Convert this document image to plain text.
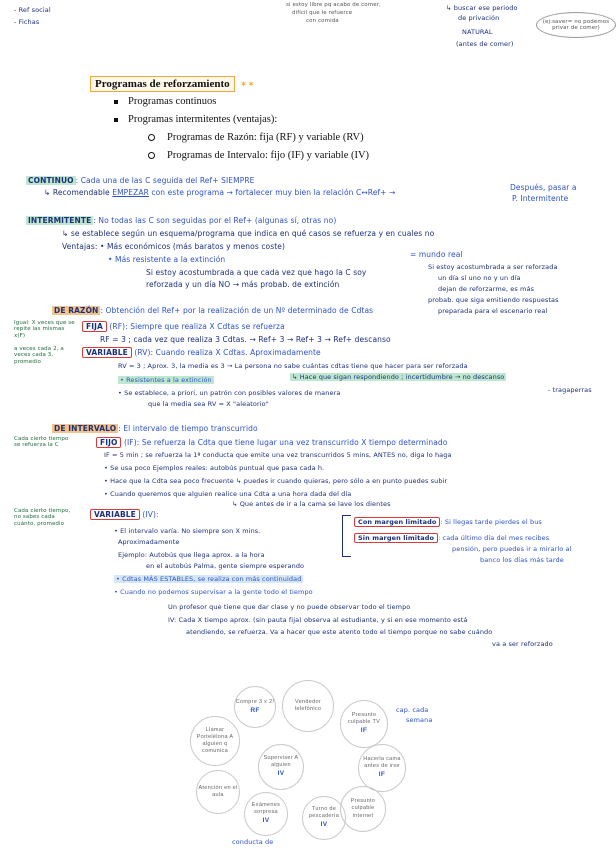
- Ref social
- Fichas
si estoy libre pq acabo de comer,
difícil que le refuerce
con comida
↳ buscar ese periodo
de privación
NATURAL
(antes de comer)
(ej:saver= no podemos privar de comer)
Programas de reforzamiento ✶✶
Programas continuos
Programas intermitentes (ventajas):
Programas de Razón: fija (RF) y variable (RV)
Programas de Intervalo: fijo (IF) y variable (IV)
CONTINUO : Cada una de las C seguida del Ref+ SIEMPRE
↳ Recomendable EMPEZAR con este programa → fortalecer muy bien la relación C↔Ref+ →
Después, pasar a
P. Intermitente
INTERMITENTE : No todas las C son seguidas por el Ref+ (algunas sí, otras no)
↳ se establece según un esquema/programa que indica en qué casos se refuerza y en cuales no
Ventajas: • Más económicos (más baratos y menos coste)
• Más resistente a la extinción
= mundo real
Si estoy acostumbrada a que cada vez que hago la C soy
reforzada y un día NO → más probab. de extinción
Si estoy acostumbrada a ser reforzada
un día sí uno no y un día
dejan de reforzarme, es más
probab. que siga emitiendo respuestas
preparada para el escenario real
DE RAZÓN : Obtención del Ref+ por la realización de un Nº determinado de Cdtas
Igual: X veces que se repite las mismas x(F)
FIJA (RF): Siempre que realiza X Cdtas se refuerza
RF = 3 ; cada vez que realiza 3 Cdtas. → Ref+ 3 → Ref+ 3 → Ref+ descanso
a veces cada 2, a veces cada 3, promedio
VARIABLE (RV): Cuando realiza X Cdtas. Aproximadamente
RV = 3 ; Aprox. 3, la media es 3 → La persona no sabe cuántas cdtas tiene que hacer para ser reforzada
↳ Hace que sigan respondiendo ; incertidumbre → no descanso
• Resistentes a la extinción
• Se establece, a priori, un patrón con posibles valores de manera
que la media sea RV = X "aleatorio"
- tragaperras
DE INTERVALO : El intervalo de tiempo transcurrido
Cada cierto tiempo se refuerza la C	FIJO (IF): Se refuerza la Cdta que tiene lugar una vez transcurrido X tiempo determinado
IF = 5 min ; se refuerza la 1ª conducta que emite una vez transcurridos 5 mins, ANTES no, diga lo haga
• Se usa poco Ejemplos reales: autobús puntual que pasa cada h.
• Hace que la Cdta sea poco frecuente ↳ puedes ir cuando quieras, pero sólo a en punto puedes subir
• Cuando queremos que alguien realice una Cdta a una hora dada del día
↳ Que antes de ir a la cama se lave los dientes
Cada cierto tiempo, no sabes cada cuánto, promedio
VARIABLE (IV):
• El intervalo varía. No siempre son X mins.
Aproximadamente
Ejemplo: Autobús que llega aprox. a la hora
en el autobús Palma, gente siempre esperando
Con margen limitado : Si llegas tarde pierdes el bus
Sin margen limitado : cada último día del mes recibes
pensión, pero puedes ir a mirarlo al
banco los días más tarde
• Cdtas MÁS ESTABLES, se realiza con más continuidad
• Cuando no podemos supervisar a la gente todo el tiempo
Un profesor que tiene que dar clase y no puede observar todo el tiempo
IV: Cada X tiempo aprox. (sin pauta fija) observa al estudiante, y si en ese momento está
atendiendo, se refuerza. Va a hacer que este atento todo el tiempo porque no sabe cuándo
va a ser reforzado
Compre 3 x 2!
RF
Vendedor telefónico
Presunto culpable TV
IF
cap. cada
semana
Llamar Portelélona A alguien q comunica
Superviser A alguien
IV
Hacerla cama antes de irse
IF
Atención en el aula
Exámenes sorpresa
IV
Turno de pescadería
IV
Presunto culpable internet
conducta de
